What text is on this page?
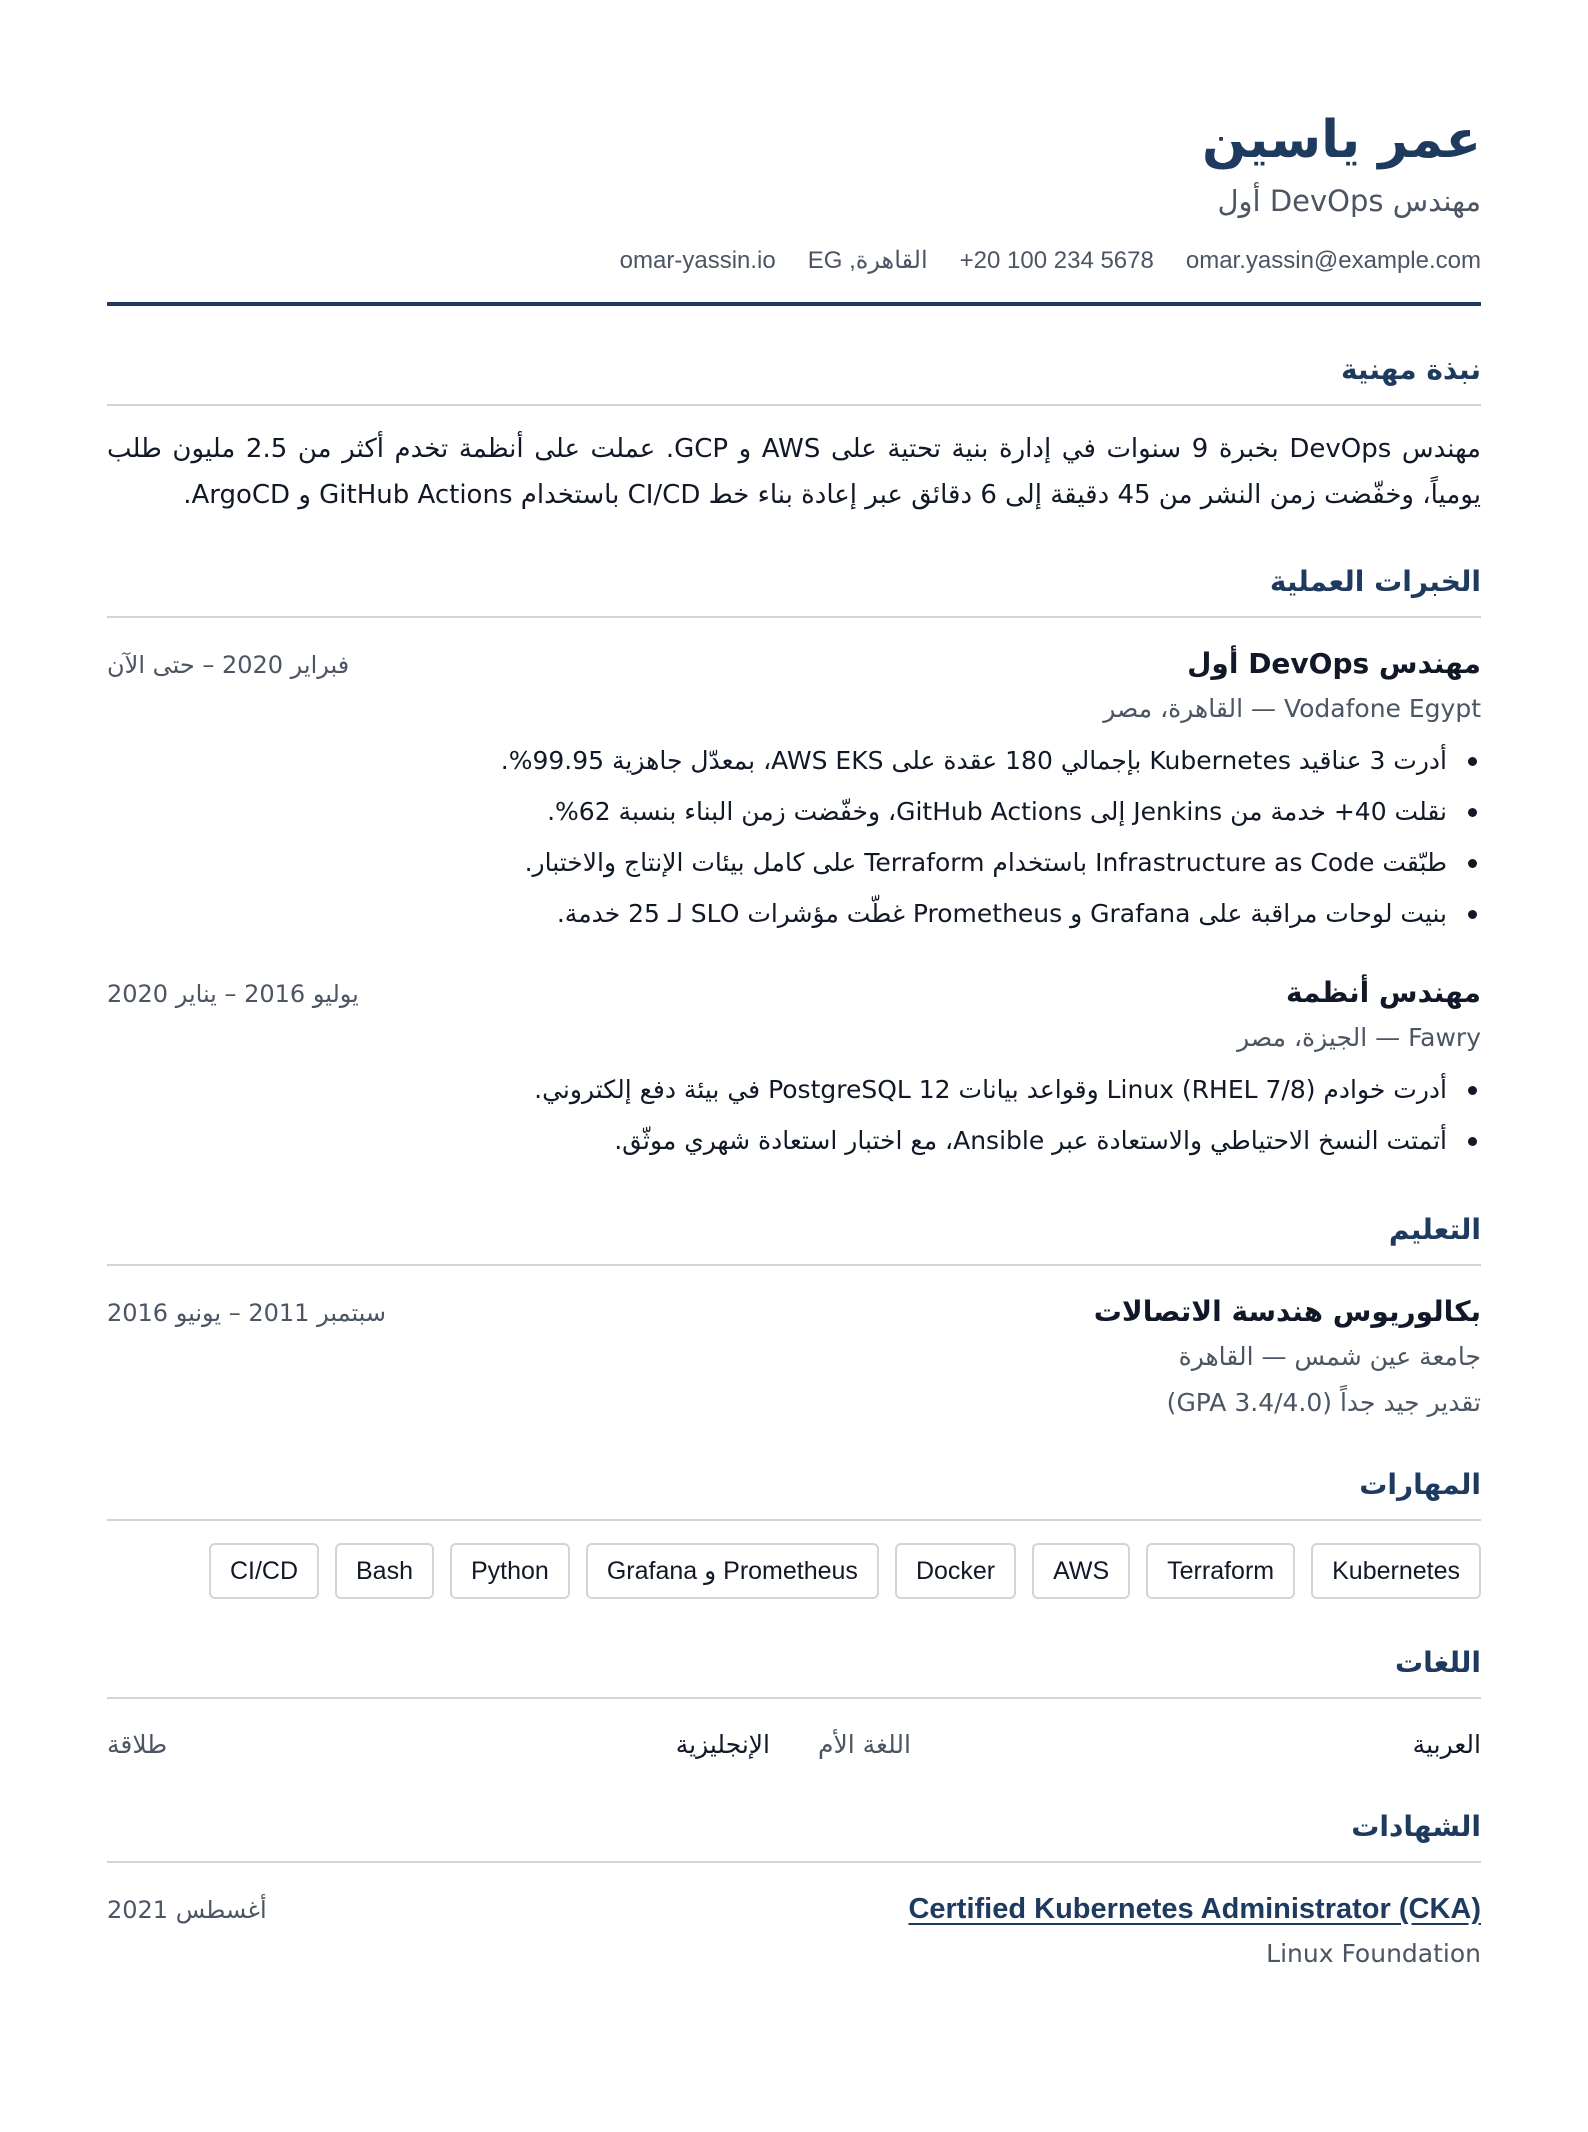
عمر ياسين
مهندس DevOps أول
omar.yassin@example.com
+20 100 234 5678
القاهرة, EG
omar-yassin.io
نبذة مهنية

مهندس DevOps بخبرة 9 سنوات في إدارة بنية تحتية على AWS و GCP. عملت على أنظمة تخدم أكثر من 2.5 مليون طلب يومياً، وخفّضت زمن النشر من 45 دقيقة إلى 6 دقائق عبر إعادة بناء خط CI/CD باستخدام GitHub Actions و ArgoCD.

الخبرات العملية
مهندس DevOps أول
فبراير 2020 – حتى الآن
Vodafone Egypt — القاهرة، مصر
أدرت 3 عناقيد Kubernetes بإجمالي 180 عقدة على AWS EKS، بمعدّل جاهزية 99.95%.
نقلت 40+ خدمة من Jenkins إلى GitHub Actions، وخفّضت زمن البناء بنسبة 62%.
طبّقت Infrastructure as Code باستخدام Terraform على كامل بيئات الإنتاج والاختبار.
بنيت لوحات مراقبة على Grafana و Prometheus غطّت مؤشرات SLO لـ 25 خدمة.
مهندس أنظمة
يوليو 2016 – يناير 2020
Fawry — الجيزة، مصر
أدرت خوادم Linux (RHEL 7/8) وقواعد بيانات PostgreSQL 12 في بيئة دفع إلكتروني.
أتمتت النسخ الاحتياطي والاستعادة عبر Ansible، مع اختبار استعادة شهري موثّق.
التعليم
بكالوريوس هندسة الاتصالات
سبتمبر 2011 – يونيو 2016
جامعة عين شمس — القاهرة
تقدير جيد جداً (GPA 3.4/4.0)
المهارات
Kubernetes
Terraform
AWS
Docker
Prometheus و Grafana
Python
Bash
CI/CD
اللغات
العربية
اللغة الأم
الإنجليزية
طلاقة
الشهادات
Certified Kubernetes Administrator (CKA)
أغسطس 2021
Linux Foundation
